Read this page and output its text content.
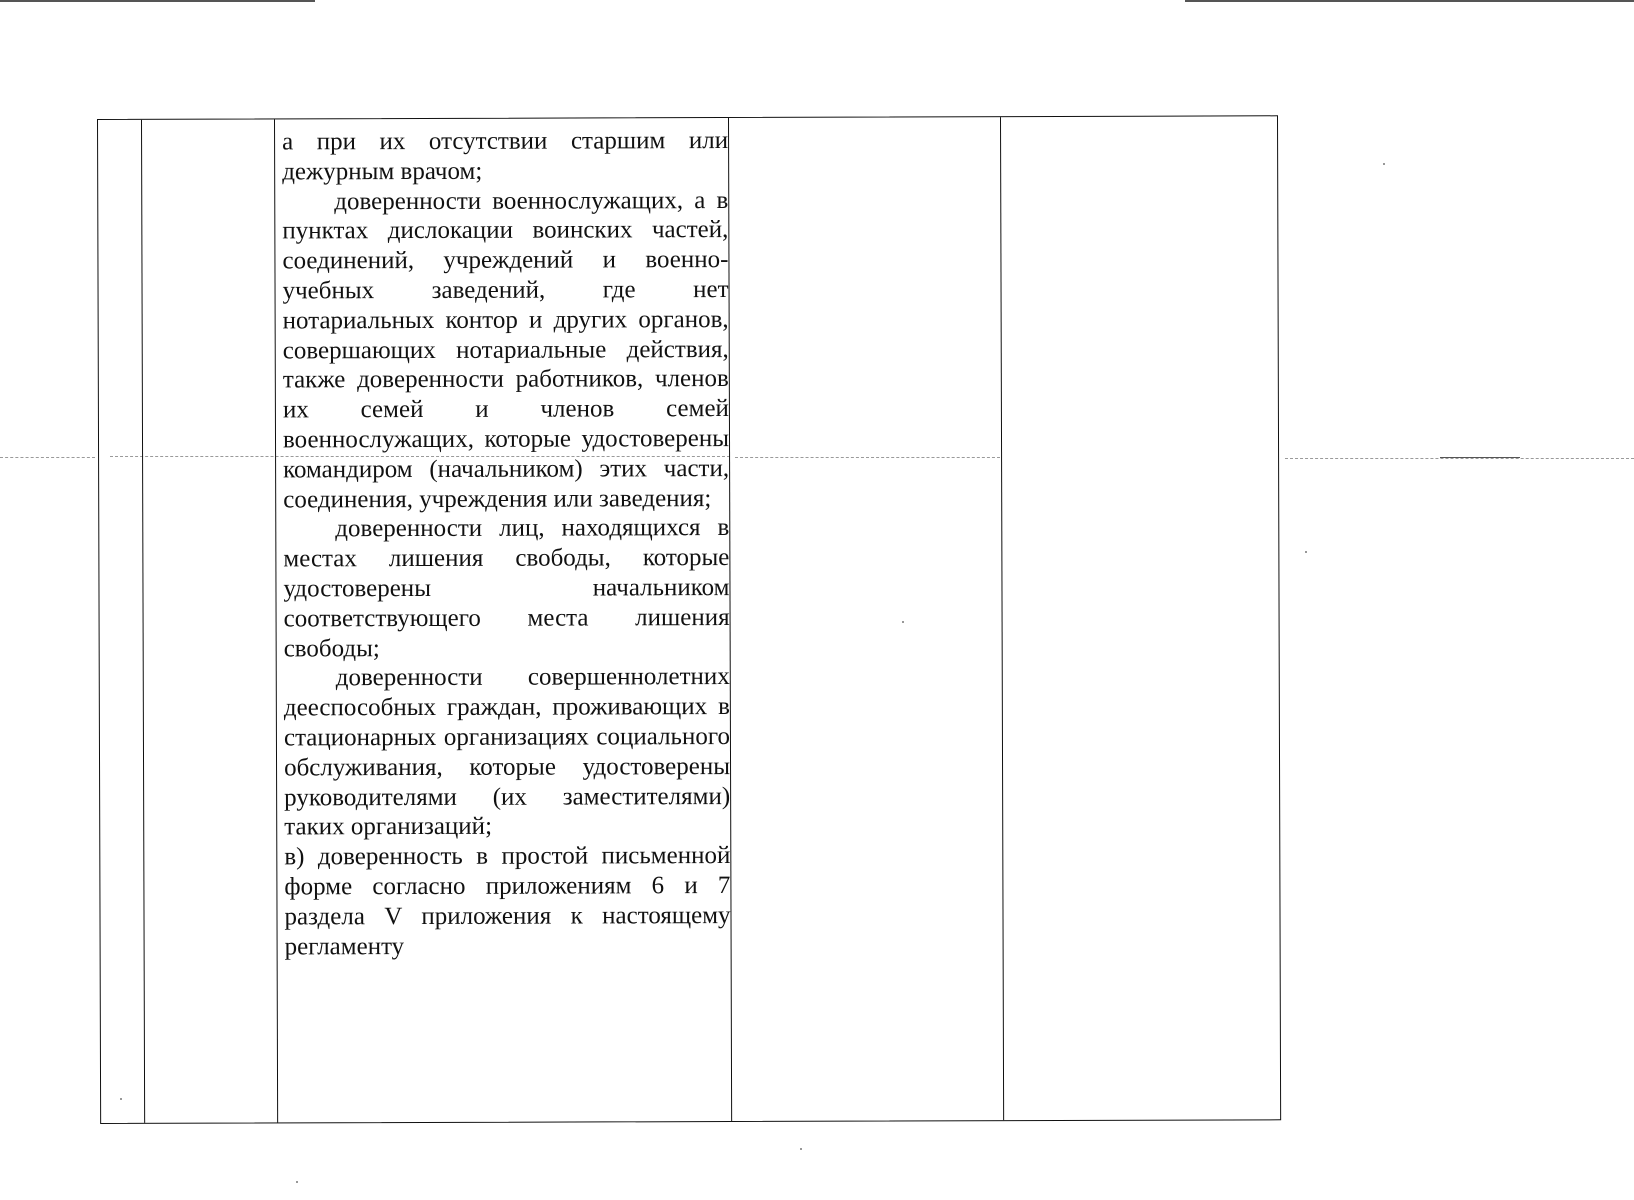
а при их отсутствии старшим или дежурным врачом;

доверенности военнослужащих, а в пунктах дислокации воинских частей, соединений, учреждений и военно-учебных заведений, где нет нотариальных контор и других органов, совершающих нотариальные действия, также доверенности работников, членов их семей и членов семей военнослужащих, которые удостоверены командиром (начальником) этих части, соединения, учреждения или заведения;

доверенности лиц, находящихся в местах лишения свободы, которые удостоверены начальником соответствующего места лишения свободы;

доверенности совершеннолетних дееспособных граждан, проживающих в стационарных организациях социального обслуживания, которые удостоверены руководителями (их заместителями) таких организаций;

в) доверенность в простой письменной форме согласно приложениям 6 и 7 раздела V приложения к настоящему регламенту
